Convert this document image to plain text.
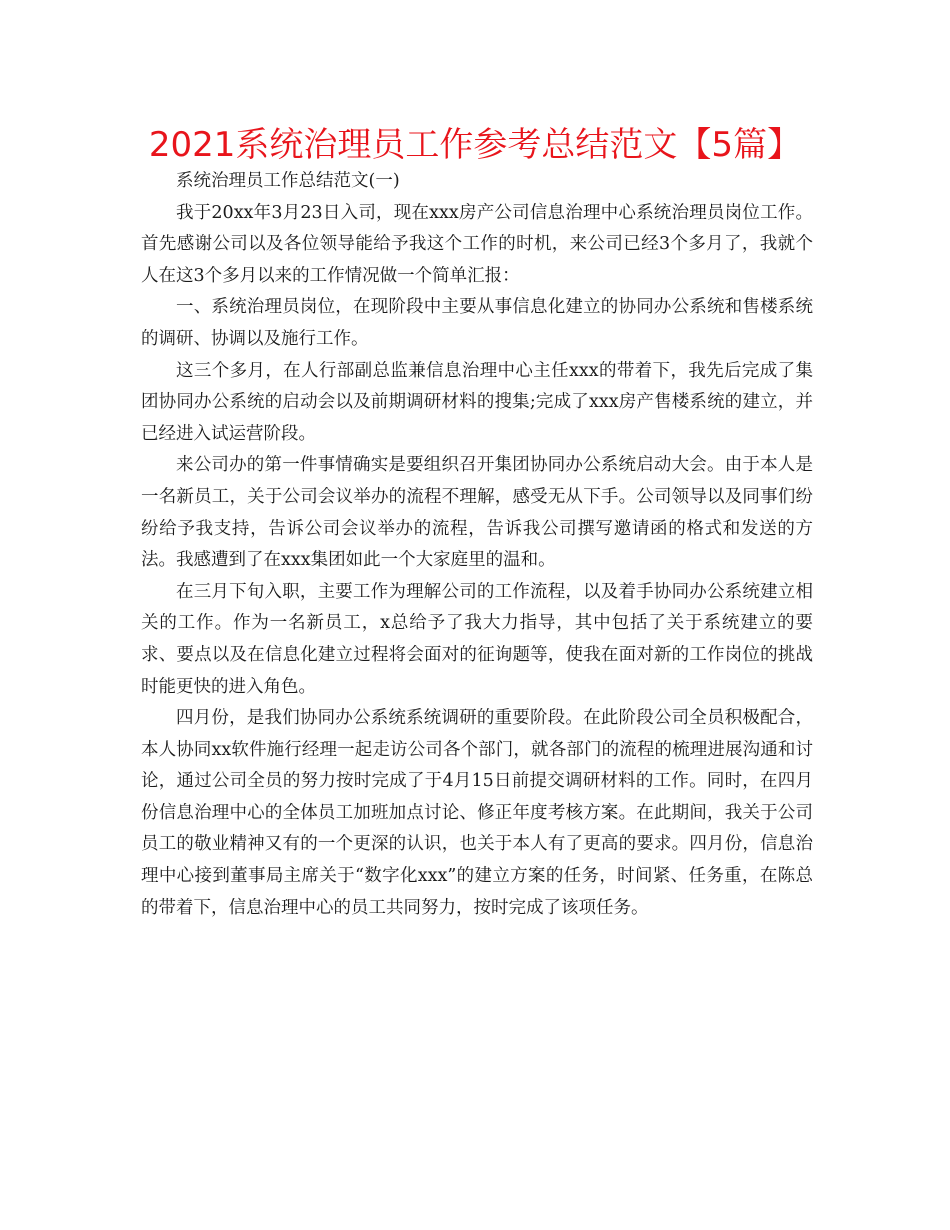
2021系统治理员工作参考总结范文【5篇】

系统治理员工作总结范文(一)

我于20xx年3月23日入司，现在xxx房产公司信息治理中心系统治理员岗位工作。首先感谢公司以及各位领导能给予我这个工作的时机，来公司已经3个多月了，我就个人在这3个多月以来的工作情况做一个简单汇报：

一、系统治理员岗位，在现阶段中主要从事信息化建立的协同办公系统和售楼系统的调研、协调以及施行工作。

这三个多月，在人行部副总监兼信息治理中心主任xxx的带着下，我先后完成了集团协同办公系统的启动会以及前期调研材料的搜集;完成了xxx房产售楼系统的建立，并已经进入试运营阶段。

来公司办的第一件事情确实是要组织召开集团协同办公系统启动大会。由于本人是一名新员工，关于公司会议举办的流程不理解，感受无从下手。公司领导以及同事们纷纷给予我支持，告诉公司会议举办的流程，告诉我公司撰写邀请函的格式和发送的方法。我感遭到了在xxx集团如此一个大家庭里的温和。

在三月下旬入职，主要工作为理解公司的工作流程，以及着手协同办公系统建立相关的工作。作为一名新员工，x总给予了我大力指导，其中包括了关于系统建立的要求、要点以及在信息化建立过程将会面对的征询题等，使我在面对新的工作岗位的挑战时能更快的进入角色。

四月份，是我们协同办公系统系统调研的重要阶段。在此阶段公司全员积极配合，本人协同xx软件施行经理一起走访公司各个部门，就各部门的流程的梳理进展沟通和讨论，通过公司全员的努力按时完成了于4月15日前提交调研材料的工作。同时，在四月份信息治理中心的全体员工加班加点讨论、修正年度考核方案。在此期间，我关于公司员工的敬业精神又有的一个更深的认识，也关于本人有了更高的要求。四月份，信息治理中心接到董事局主席关于“数字化xxx”的建立方案的任务，时间紧、任务重，在陈总的带着下，信息治理中心的员工共同努力，按时完成了该项任务。
